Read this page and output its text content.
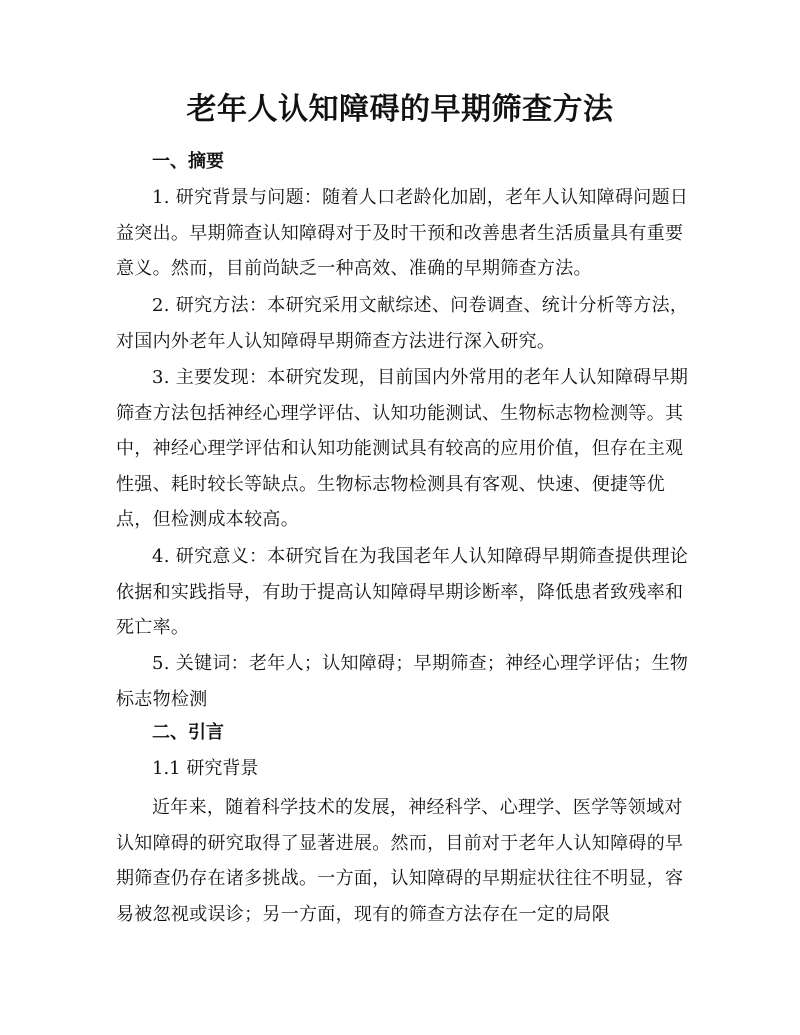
老年人认知障碍的早期筛查方法
一、摘要
1. 研究背景与问题：随着人口老龄化加剧，老年人认知障碍问题日益突出。早期筛查认知障碍对于及时干预和改善患者生活质量具有重要意义。然而，目前尚缺乏一种高效、准确的早期筛查方法。
2. 研究方法：本研究采用文献综述、问卷调查、统计分析等方法，对国内外老年人认知障碍早期筛查方法进行深入研究。
3. 主要发现：本研究发现，目前国内外常用的老年人认知障碍早期筛查方法包括神经心理学评估、认知功能测试、生物标志物检测等。其中，神经心理学评估和认知功能测试具有较高的应用价值，但存在主观性强、耗时较长等缺点。生物标志物检测具有客观、快速、便捷等优点，但检测成本较高。
4. 研究意义：本研究旨在为我国老年人认知障碍早期筛查提供理论依据和实践指导，有助于提高认知障碍早期诊断率，降低患者致残率和死亡率。
5. 关键词：老年人；认知障碍；早期筛查；神经心理学评估；生物标志物检测
二、引言
1.1 研究背景
近年来，随着科学技术的发展，神经科学、心理学、医学等领域对认知障碍的研究取得了显著进展。然而，目前对于老年人认知障碍的早期筛查仍存在诸多挑战。一方面，认知障碍的早期症状往往不明显，容易被忽视或误诊；另一方面，现有的筛查方法存在一定的局限
